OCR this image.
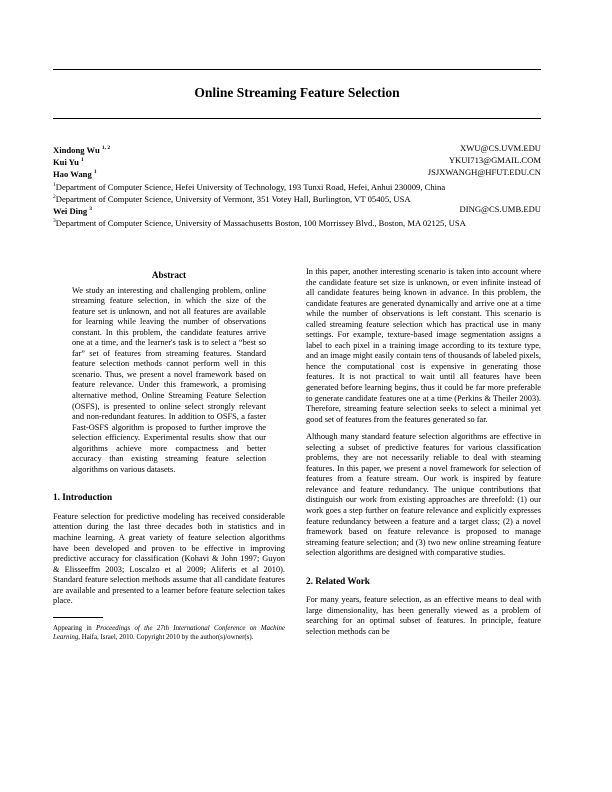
Online Streaming Feature Selection
Xindong Wu $^{1, 2}$	XWU@CS.UVM.EDU
Kui Yu $^1$	YKUI713@GMAIL.COM
Hao Wang $^1$	JSJXWANGH@HFUT.EDU.CN
$^1$Department of Computer Science, Hefei University of Technology, 193 Tunxi Road, Hefei, Anhui 230009, China
$^2$Department of Computer Science, University of Vermont, 351 Votey Hall, Burlington, VT 05405, USA
Wei Ding $^3$	DING@CS.UMB.EDU
$^3$Department of Computer Science, University of Massachusetts Boston, 100 Morrissey Blvd., Boston, MA 02125, USA
Abstract
We study an interesting and challenging problem, online streaming feature selection, in which the size of the feature set is unknown, and not all features are available for learning while leaving the number of observations constant. In this problem, the candidate features arrive one at a time, and the learner's task is to select a “best so far” set of features from streaming features. Standard feature selection methods cannot perform well in this scenario. Thus, we present a novel framework based on feature relevance. Under this framework, a promising alternative method, Online Streaming Feature Selection (OSFS), is presented to online select strongly relevant and non-redundant features. In addition to OSFS, a faster Fast-OSFS algorithm is proposed to further improve the selection efficiency. Experimental results show that our algorithms achieve more compactness and better accuracy than existing streaming feature selection algorithms on various datasets.
1. Introduction

Feature selection for predictive modeling has received considerable attention during the last three decades both in statistics and in machine learning. A great variety of feature selection algorithms have been developed and proven to be effective in improving predictive accuracy for classification (Kohavi & John 1997; Guyon & Elisseeffm 2003; Loscalzo et al 2009; Aliferis et al 2010). Standard feature selection methods assume that all candidate features are available and presented to a learner before feature selection takes place.

Appearing in Proceedings of the 27th International Conference on Machine Learning, Haifa, Israel, 2010. Copyright 2010 by the author(s)/owner(s).

In this paper, another interesting scenario is taken into account where the candidate feature set size is unknown, or even infinite instead of all candidate features being known in advance. In this problem, the candidate features are generated dynamically and arrive one at a time while the number of observations is left constant. This scenario is called streaming feature selection which has practical use in many settings. For example, texture-based image segmentation assigns a label to each pixel in a training image according to its texture type, and an image might easily contain tens of thousands of labeled pixels, hence the computational cost is expensive in generating those features. It is not practical to wait until all features have been generated before learning begins, thus it could be far more preferable to generate candidate features one at a time (Perkins & Theiler 2003). Therefore, streaming feature selection seeks to select a minimal yet good set of features from the features generated so far.

Although many standard feature selection algorithms are effective in selecting a subset of predictive features for various classification problems, they are not necessarily reliable to deal with steaming features. In this paper, we present a novel framework for selection of features from a feature stream. Our work is inspired by feature relevance and feature redundancy. The unique contributions that distinguish our work from existing approaches are threefold: (1) our work goes a step further on feature relevance and explicitly expresses feature redundancy between a feature and a target class; (2) a novel framework based on feature relevance is proposed to manage streaming feature selection; and (3) two new online streaming feature selection algorithms are designed with comparative studies.

2. Related Work

For many years, feature selection, as an effective means to deal with large dimensionality, has been generally viewed as a problem of searching for an optimal subset of features. In principle, feature selection methods can be
